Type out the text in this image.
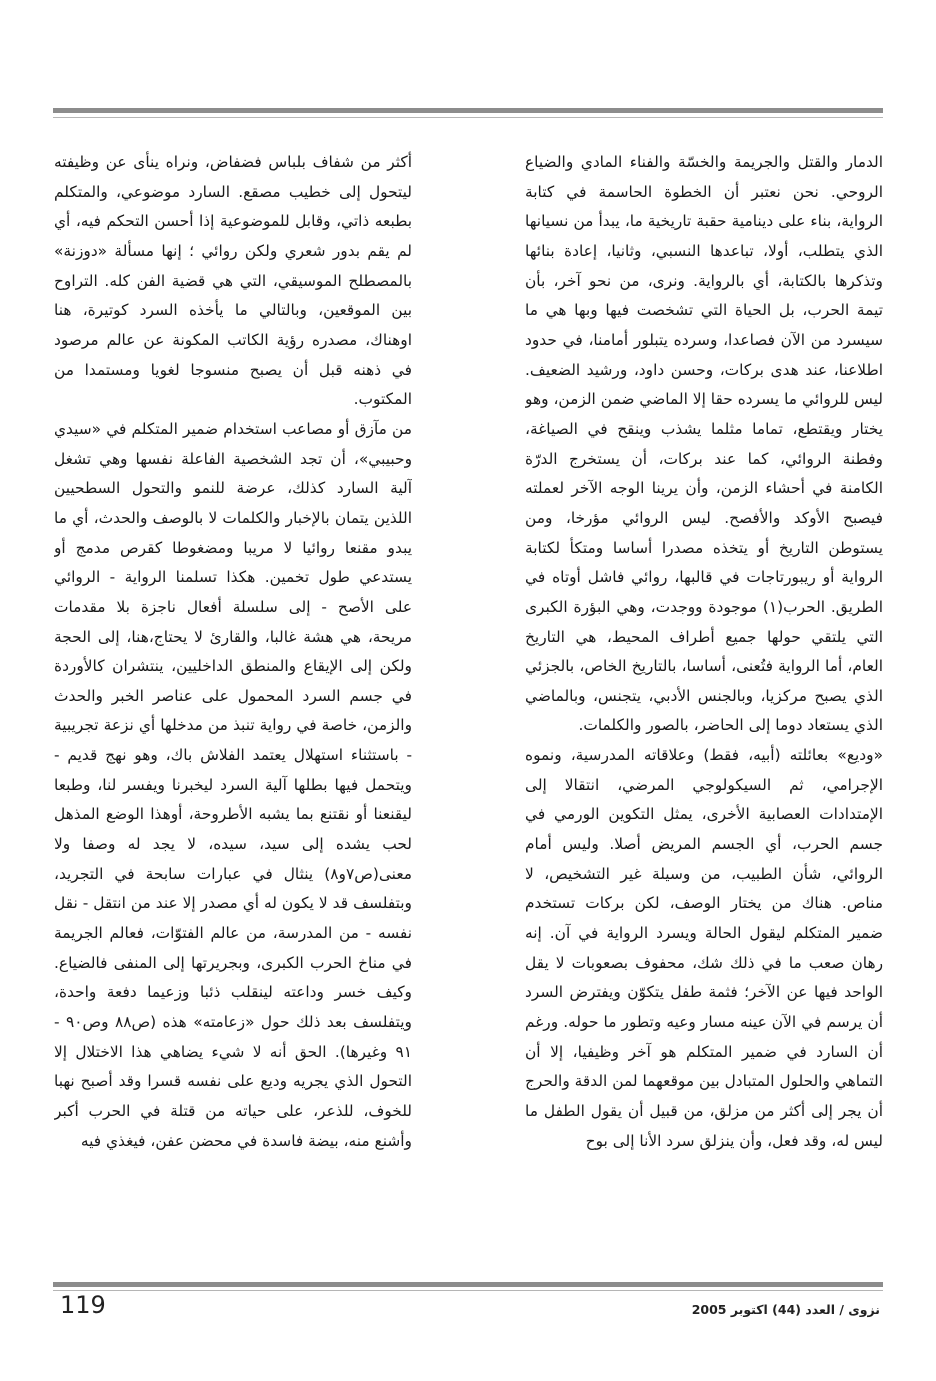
الدمار والقتل والجريمة والخسّة والفناء المادي والضياع الروحي. نحن نعتبر أن الخطوة الحاسمة في كتابة الرواية، بناء على دينامية حقبة تاريخية ما، يبدأ من نسيانها الذي يتطلب، أولا، تباعدها النسبي، وثانيا، إعادة بنائها وتذكرها بالكتابة، أي بالرواية. ونرى، من نحو آخر، بأن تيمة الحرب، بل الحياة التي تشخصت فيها وبها هي ما سيسرد من الآن فصاعدا، وسرده يتبلور أمامنا، في حدود اطلاعنا، عند هدى بركات، وحسن داود، ورشيد الضعيف. ليس للروائي ما يسرده حقا إلا الماضي ضمن الزمن، وهو يختار ويقتطع، تماما مثلما يشذب وينقح في الصياغة، وفطنة الروائي، كما عند بركات، أن يستخرج الدرّة الكامنة في أحشاء الزمن، وأن يرينا الوجه الآخر لعملته فيصبح الأوكد والأفصح. ليس الروائي مؤرخا، ومن يستوطن التاريخ أو يتخذه مصدرا أساسا ومتكأ لكتابة الرواية أو ريبورتاجات في قالبها، روائي فاشل أوتاه في الطريق. الحرب(١) موجودة ووجدت، وهي البؤرة الكبرى التي يلتقي حولها جميع أطراف المحيط، هي التاريخ العام، أما الرواية فتُعنى، أساسا، بالتاريخ الخاص، بالجزئي الذي يصبح مركزيا، وبالجنس الأدبي، يتجنس، وبالماضي الذي يستعاد دوما إلى الحاضر، بالصور والكلمات.

«وديع» بعائلته (أبيه، فقط) وعلاقاته المدرسية، ونموه الإجرامي، ثم السيكولوجي المرضي، انتقالا إلى الإمتدادات العصابية الأخرى، يمثل التكوين الورمي في جسم الحرب، أي الجسم المريض أصلا. وليس أمام الروائي، شأن الطبيب، من وسيلة غير التشخيص، لا مناص. هناك من يختار الوصف، لكن بركات تستخدم ضمير المتكلم ليقول الحالة ويسرد الرواية في آن. إنه رهان صعب ما في ذلك شك، محفوف بصعوبات لا يقل الواحد فيها عن الآخر؛ فثمة طفل يتكوّن ويفترض السرد أن يرسم في الآن عينه مسار وعيه وتطور ما حوله. ورغم أن السارد في ضمير المتكلم هو آخر وظيفيا، إلا أن التماهي والحلول المتبادل بين موقعهما لمن الدقة والحرج أن يجر إلى أكثر من مزلق، من قبيل أن يقول الطفل ما ليس له، وقد فعل، وأن ينزلق سرد الأنا إلى بوح

أكثر من شفاف بلباس فضفاض، ونراه ينأى عن وظيفته ليتحول إلى خطيب مصقع. السارد موضوعي، والمتكلم بطبعه ذاتي، وقابل للموضوعية إذا أحسن التحكم فيه، أي لم يقم بدور شعري ولكن روائي ؛ إنها مسألة «دوزنة» بالمصطلح الموسيقي، التي هي قضية الفن كله. التراوح بين الموقعين، وبالتالي ما يأخذه السرد كوتيرة، هنا اوهناك، مصدره رؤية الكاتب المكونة عن عالم مرصود في ذهنه قبل أن يصبح منسوجا لغويا ومستمدا من المكتوب.

من مآزق أو مصاعب استخدام ضمير المتكلم في «سيدي وحبيبي»، أن تجد الشخصية الفاعلة نفسها وهي تشغل آلية السارد كذلك، عرضة للنمو والتحول السطحيين اللذين يتمان بالإخبار والكلمات لا بالوصف والحدث، أي ما يبدو مقنعا روائيا لا مريبا ومضغوطا كقرص مدمج أو يستدعي طول تخمين. هكذا تسلمنا الرواية - الروائي على الأصح - إلى سلسلة أفعال ناجزة بلا مقدمات مريحة، هي هشة غالبا، والقارئ لا يحتاج،هنا، إلى الحجة ولكن إلى الإيقاع والمنطق الداخليين، ينتشران كالأوردة في جسم السرد المحمول على عناصر الخبر والحدث والزمن، خاصة في رواية تنبذ من مدخلها أي نزعة تجريبية - باستثناء استهلال يعتمد الفلاش باك، وهو نهج قديم - ويتحمل فيها بطلها آلية السرد ليخبرنا ويفسر لنا، وطبعا ليقنعنا أو نقتنع بما يشبه الأطروحة، أوهذا الوضع المذهل لحب يشده إلى سيد، سيده، لا يجد له وصفا ولا معنى(ص٧و٨) ينثال في عبارات سابحة في التجريد، وبتفلسف قد لا يكون له أي مصدر إلا عند من انتقل - نقل نفسه - من المدرسة، من عالم الفتوّات، فعالم الجريمة في مناخ الحرب الكبرى، وبجريرتها إلى المنفى فالضياع. وكيف خسر وداعته لينقلب ذئبا وزعيما دفعة واحدة، ويتفلسف بعد ذلك حول «زعامته» هذه (ص٨٨ وص٩٠ - ٩١ وغيرها). الحق أنه لا شيء يضاهي هذا الاختلال إلا التحول الذي يجريه وديع على نفسه قسرا وقد أصبح نهبا للخوف، للذعر، على حياته من قتلة في الحرب أكبر وأشنع منه، بيضة فاسدة في محضن عفن، فيغذي فيه

119	نزوى / العدد (44) اكتوبر 2005
